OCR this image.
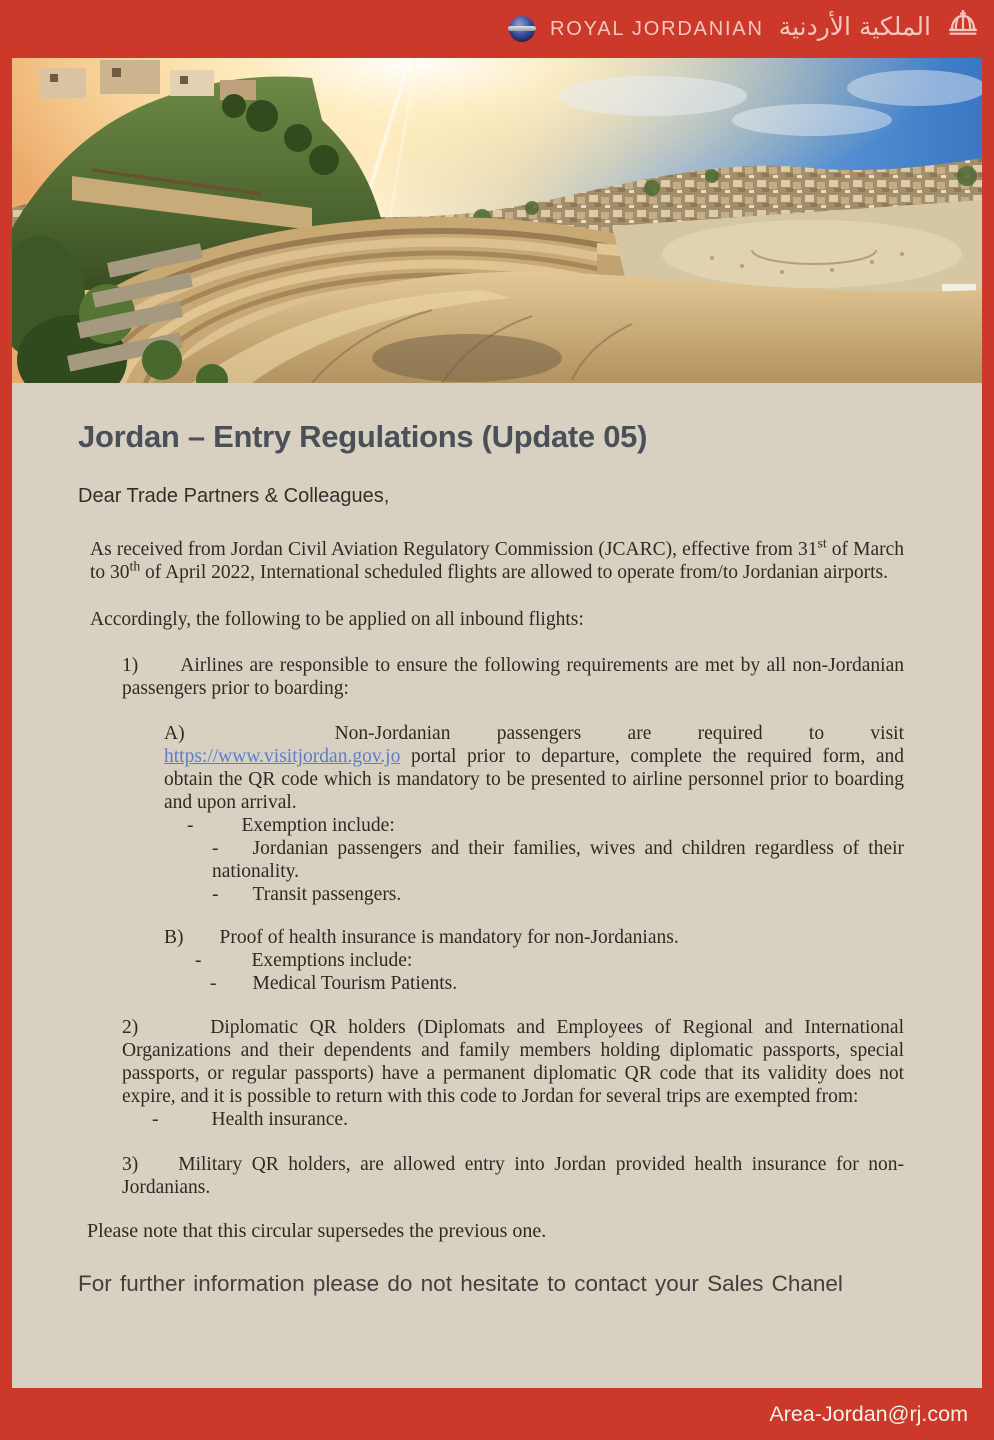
ROYAL JORDANIAN الملكية الأردنية
Jordan – Entry Regulations (Update 05)

Dear Trade Partners & Colleagues,

As received from Jordan Civil Aviation Regulatory Commission (JCARC), effective from 31st of March to 30th of April 2022, International scheduled flights are allowed to operate from/to Jordanian airports.

Accordingly, the following to be applied on all inbound flights:

1) Airlines are responsible to ensure the following requirements are met by all non-Jordanian passengers prior to boarding:

A)	Non-Jordanian passengers are required to visit https://www.visitjordan.gov.jo portal prior to departure, complete the required form, and obtain the QR code which is mandatory to be presented to airline personnel prior to boarding and upon arrival.

- Exemption include:

- Jordanian passengers and their families, wives and children regardless of their nationality.

- Transit passengers.

B) Proof of health insurance is mandatory for non-Jordanians.

-	Exemptions include:

- Medical Tourism Patients.

2)	Diplomatic QR holders (Diplomats and Employees of Regional and International Organizations and their dependents and family members holding diplomatic passports, special passports, or regular passports) have a permanent diplomatic QR code that its validity does not expire, and it is possible to return with this code to Jordan for several trips are exempted from:

-	Health insurance.

3) Military QR holders, are allowed entry into Jordan provided health insurance for non-Jordanians.

Please note that this circular supersedes the previous one.

For further information please do not hesitate to contact your Sales Chanel

Area-Jordan@rj.com
